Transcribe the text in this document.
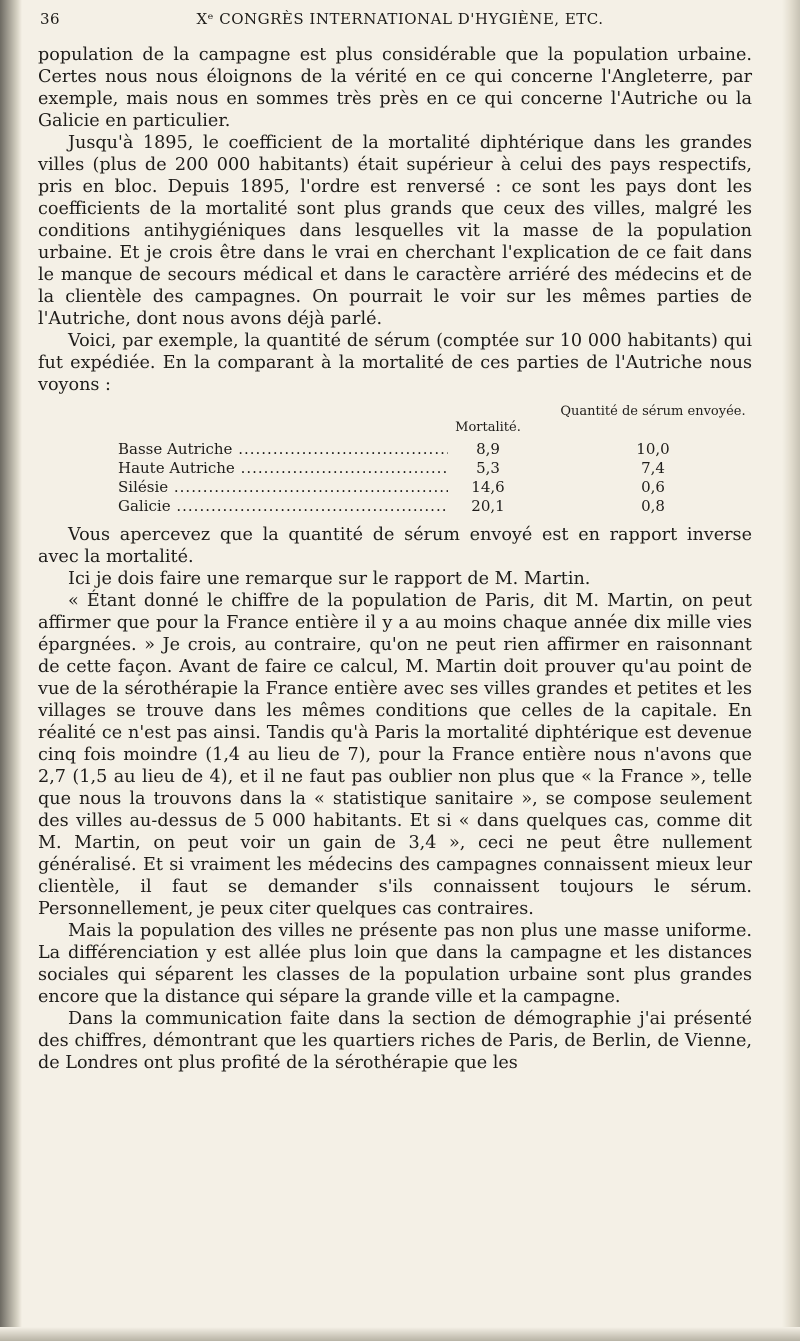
36	Xᵉ CONGRÈS INTERNATIONAL D'HYGIÈNE, ETC.

population de la campagne est plus considérable que la population urbaine. Certes nous nous éloignons de la vérité en ce qui concerne l'Angleterre, par exemple, mais nous en sommes très près en ce qui concerne l'Autriche ou la Galicie en particulier.

Jusqu'à 1895, le coefficient de la mortalité diphtérique dans les grandes villes (plus de 200 000 habitants) était supérieur à celui des pays respectifs, pris en bloc. Depuis 1895, l'ordre est renversé : ce sont les pays dont les coefficients de la mortalité sont plus grands que ceux des villes, malgré les conditions antihygiéniques dans lesquelles vit la masse de la population urbaine. Et je crois être dans le vrai en cherchant l'explication de ce fait dans le manque de secours médical et dans le caractère arriéré des médecins et de la clientèle des campagnes. On pourrait le voir sur les mêmes parties de l'Autriche, dont nous avons déjà parlé.

Voici, par exemple, la quantité de sérum (comptée sur 10 000 habitants) qui fut expédiée. En la comparant à la mortalité de ces parties de l'Autriche nous voyons :

Mortalité.
Quantité de sérum envoyée.
Basse Autriche .....	8,9	10,0
Haute Autriche .....	5,3	7,4
Silésie .....	14,6	0,6
Galicie .....	20,1	0,8

Vous apercevez que la quantité de sérum envoyé est en rapport inverse avec la mortalité.

Ici je dois faire une remarque sur le rapport de M. Martin.

« Étant donné le chiffre de la population de Paris, dit M. Martin, on peut affirmer que pour la France entière il y a au moins chaque année dix mille vies épargnées. » Je crois, au contraire, qu'on ne peut rien affirmer en raisonnant de cette façon. Avant de faire ce calcul, M. Martin doit prouver qu'au point de vue de la sérothérapie la France entière avec ses villes grandes et petites et les villages se trouve dans les mêmes conditions que celles de la capitale. En réalité ce n'est pas ainsi. Tandis qu'à Paris la mortalité diphtérique est devenue cinq fois moindre (1,4 au lieu de 7), pour la France entière nous n'avons que 2,7 (1,5 au lieu de 4), et il ne faut pas oublier non plus que « la France », telle que nous la trouvons dans la « statistique sanitaire », se compose seulement des villes au-dessus de 5 000 habitants. Et si « dans quelques cas, comme dit M. Martin, on peut voir un gain de 3,4 », ceci ne peut être nullement généralisé. Et si vraiment les médecins des campagnes connaissent mieux leur clientèle, il faut se demander s'ils connaissent toujours le sérum. Personnellement, je peux citer quelques cas contraires.

Mais la population des villes ne présente pas non plus une masse uniforme. La différenciation y est allée plus loin que dans la campagne et les distances sociales qui séparent les classes de la population urbaine sont plus grandes encore que la distance qui sépare la grande ville et la campagne.

Dans la communication faite dans la section de démographie j'ai présenté des chiffres, démontrant que les quartiers riches de Paris, de Berlin, de Vienne, de Londres ont plus profité de la sérothérapie que les
